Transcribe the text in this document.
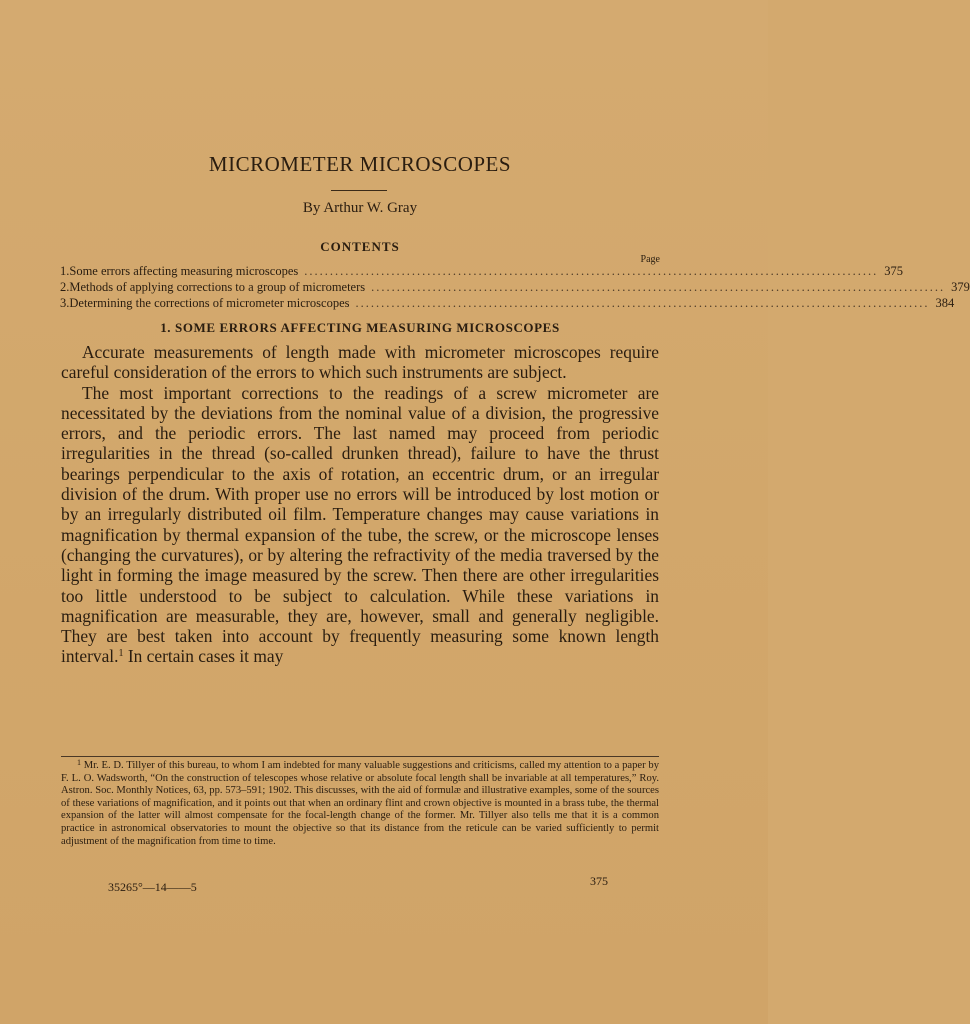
MICROMETER MICROSCOPES
By Arthur W. Gray
CONTENTS
Page
1. Some errors affecting measuring microscopes ................................................................................................................ 375
2. Methods of applying corrections to a group of micrometers ................................................................................................................ 379
3. Determining the corrections of micrometer microscopes ................................................................................................................ 384
1. SOME ERRORS AFFECTING MEASURING MICROSCOPES

Accurate measurements of length made with micrometer microscopes require careful consideration of the errors to which such instruments are subject.

The most important corrections to the readings of a screw micrometer are necessitated by the deviations from the nominal value of a division, the progressive errors, and the periodic errors. The last named may proceed from periodic irregularities in the thread (so-called drunken thread), failure to have the thrust bearings perpendicular to the axis of rotation, an eccentric drum, or an irregular division of the drum. With proper use no errors will be introduced by lost motion or by an irregularly distributed oil film. Temperature changes may cause variations in magnification by thermal expansion of the tube, the screw, or the microscope lenses (changing the curvatures), or by altering the refractivity of the media traversed by the light in forming the image measured by the screw. Then there are other irregularities too little understood to be subject to calculation. While these variations in magnification are measurable, they are, however, small and generally negligible. They are best taken into account by frequently measuring some known length interval.$^1$ In certain cases it may

$^1$ Mr. E. D. Tillyer of this bureau, to whom I am indebted for many valuable suggestions and criticisms, called my attention to a paper by F. L. O. Wadsworth, “On the construction of telescopes whose relative or absolute focal length shall be invariable at all temperatures,” Roy. Astron. Soc. Monthly Notices, 63, pp. 573–591; 1902. This discusses, with the aid of formulæ and illustrative examples, some of the sources of these variations of magnification, and it points out that when an ordinary flint and crown objective is mounted in a brass tube, the thermal expansion of the latter will almost compensate for the focal-length change of the former. Mr. Tillyer also tells me that it is a common practice in astronomical observatories to mount the objective so that its distance from the reticule can be varied sufficiently to permit adjustment of the magnification from time to time.

35265°—14——5	375
